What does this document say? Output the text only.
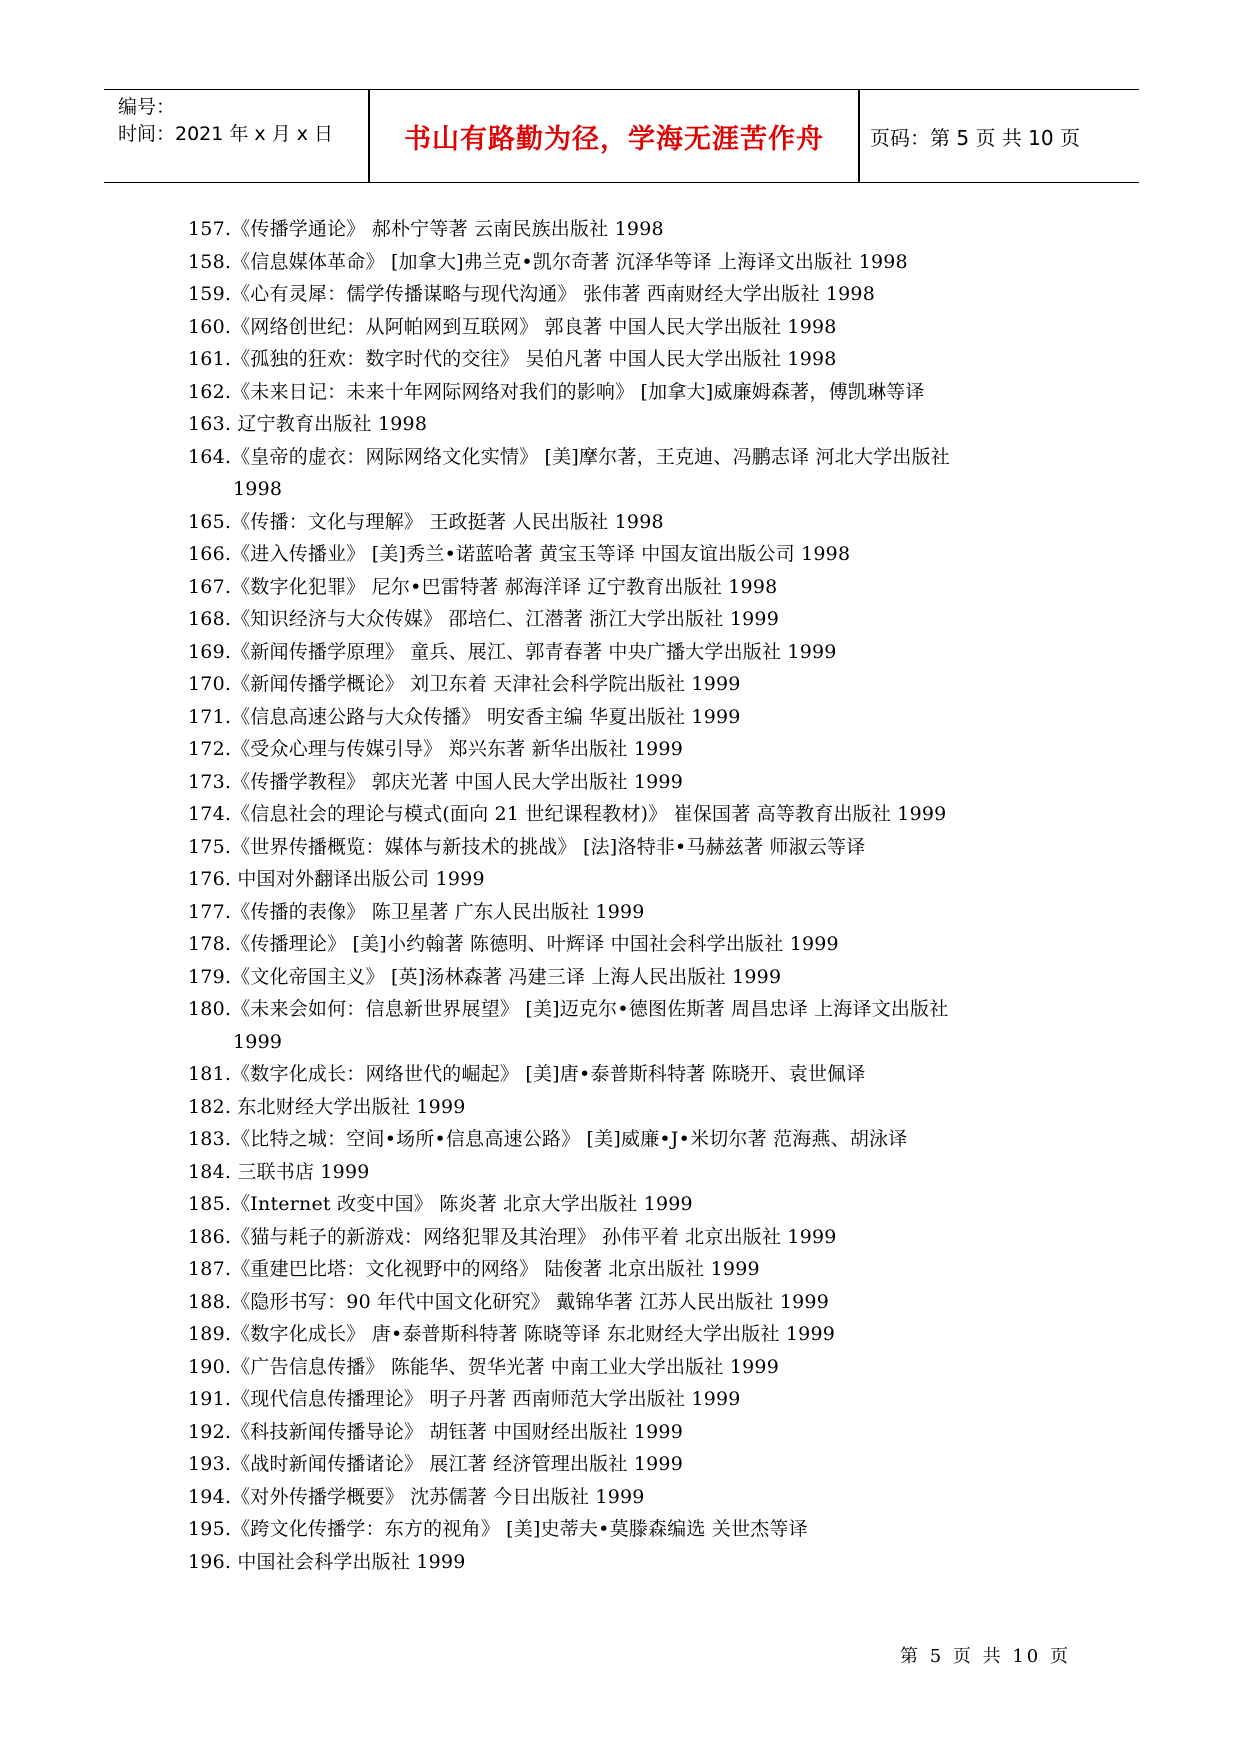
编号：
时间：2021 年 x 月 x 日	书山有路勤为径，学海无涯苦作舟	页码：第 5 页 共 10 页
157.《传播学通论》 郝朴宁等著 云南民族出版社 1998
158.《信息媒体革命》 [加拿大]弗兰克•凯尔奇著 沉泽华等译 上海译文出版社 1998
159.《心有灵犀：儒学传播谋略与现代沟通》 张伟著 西南财经大学出版社 1998
160.《网络创世纪：从阿帕网到互联网》 郭良著 中国人民大学出版社 1998
161.《孤独的狂欢：数字时代的交往》 吴伯凡著 中国人民大学出版社 1998
162.《未来日记：未来十年网际网络对我们的影响》 [加拿大]威廉姆森著，傅凯琳等译
163. 辽宁教育出版社 1998
164.《皇帝的虚衣：网际网络文化实情》 [美]摩尔著，王克迪、冯鹏志译 河北大学出版社
1998
165.《传播：文化与理解》 王政挺著 人民出版社 1998
166.《进入传播业》 [美]秀兰•诺蓝哈著 黄宝玉等译 中国友谊出版公司 1998
167.《数字化犯罪》 尼尔•巴雷特著 郝海洋译 辽宁教育出版社 1998
168.《知识经济与大众传媒》 邵培仁、江潜著 浙江大学出版社 1999
169.《新闻传播学原理》 童兵、展江、郭青春著 中央广播大学出版社 1999
170.《新闻传播学概论》 刘卫东着 天津社会科学院出版社 1999
171.《信息高速公路与大众传播》 明安香主编 华夏出版社 1999
172.《受众心理与传媒引导》 郑兴东著 新华出版社 1999
173.《传播学教程》 郭庆光著 中国人民大学出版社 1999
174.《信息社会的理论与模式(面向 21 世纪课程教材)》 崔保国著 高等教育出版社 1999
175.《世界传播概览：媒体与新技术的挑战》 [法]洛特非•马赫兹著 师淑云等译
176. 中国对外翻译出版公司 1999
177.《传播的表像》 陈卫星著 广东人民出版社 1999
178.《传播理论》 [美]小约翰著 陈德明、叶辉译 中国社会科学出版社 1999
179.《文化帝国主义》 [英]汤林森著 冯建三译 上海人民出版社 1999
180.《未来会如何：信息新世界展望》 [美]迈克尔•德图佐斯著 周昌忠译 上海译文出版社
1999
181.《数字化成长：网络世代的崛起》 [美]唐•泰普斯科特著 陈晓开、袁世佩译
182. 东北财经大学出版社 1999
183.《比特之城：空间•场所•信息高速公路》 [美]威廉•J•米切尔著 范海燕、胡泳译
184. 三联书店 1999
185.《Internet 改变中国》 陈炎著 北京大学出版社 1999
186.《猫与耗子的新游戏：网络犯罪及其治理》 孙伟平着 北京出版社 1999
187.《重建巴比塔：文化视野中的网络》 陆俊著 北京出版社 1999
188.《隐形书写：90 年代中国文化研究》 戴锦华著 江苏人民出版社 1999
189.《数字化成长》 唐•泰普斯科特著 陈晓等译 东北财经大学出版社 1999
190.《广告信息传播》 陈能华、贺华光著 中南工业大学出版社 1999
191.《现代信息传播理论》 明子丹著 西南师范大学出版社 1999
192.《科技新闻传播导论》 胡钰著 中国财经出版社 1999
193.《战时新闻传播诸论》 展江著 经济管理出版社 1999
194.《对外传播学概要》 沈苏儒著 今日出版社 1999
195.《跨文化传播学：东方的视角》 [美]史蒂夫•莫滕森编选 关世杰等译
196. 中国社会科学出版社 1999
第 5 页 共 10 页
